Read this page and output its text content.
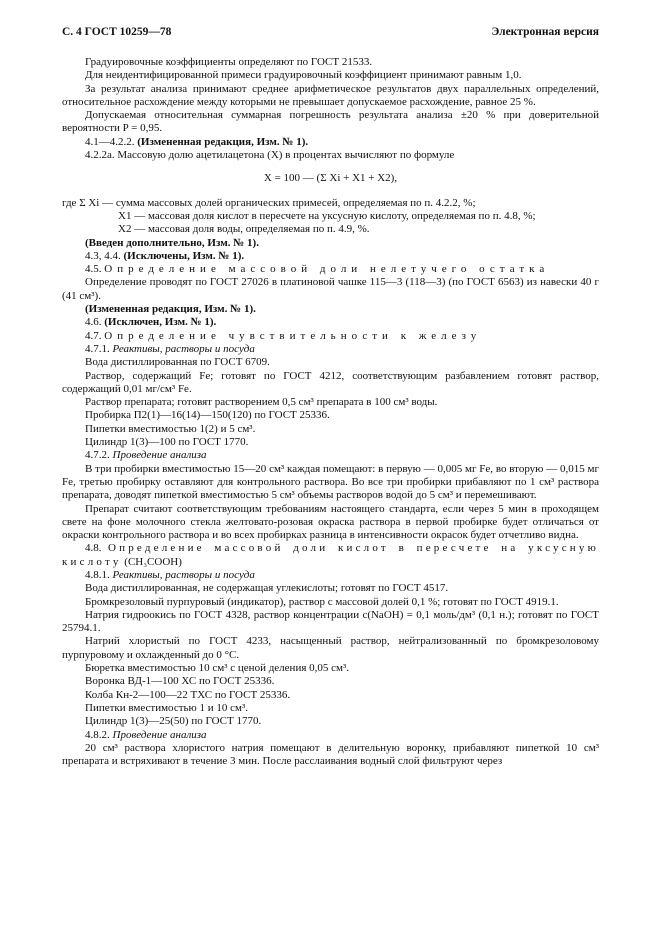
С. 4 ГОСТ 10259—78	Электронная версия

Градуировочные коэффициенты определяют по ГОСТ 21533.

Для неидентифицированной примеси градуировочный коэффициент принимают равным 1,0.

За результат анализа принимают среднее арифметическое результатов двух параллельных определений, относительное расхождение между которыми не превышает допускаемое расхождение, равное 25 %.

Допускаемая относительная суммарная погрешность результата анализа ±20 % при доверительной вероятности P = 0,95.

4.1—4.2.2. (Измененная редакция, Изм. № 1).

4.2.2а. Массовую долю ацетилацетона (X) в процентах вычисляют по формуле

X = 100 — (Σ Xi + X1 + X2),

где Σ Xi — сумма массовых долей органических примесей, определяемая по п. 4.2.2, %;

X1 — массовая доля кислот в пересчете на уксусную кислоту, определяемая по п. 4.8, %;

X2 — массовая доля воды, определяемая по п. 4.9, %.

(Введен дополнительно, Изм. № 1).

4.3, 4.4. (Исключены, Изм. № 1).

4.5. Определение массовой доли нелетучего остатка

Определение проводят по ГОСТ 27026 в платиновой чашке 115—3 (118—3) (по ГОСТ 6563) из навески 40 г (41 см³).

(Измененная редакция, Изм. № 1).

4.6. (Исключен, Изм. № 1).

4.7. Определение чувствительности к железу

4.7.1. Реактивы, растворы и посуда

Вода дистиллированная по ГОСТ 6709.

Раствор, содержащий Fe; готовят по ГОСТ 4212, соответствующим разбавлением готовят раствор, содержащий 0,01 мг/см³ Fe.

Раствор препарата; готовят растворением 0,5 см³ препарата в 100 см³ воды.

Пробирка П2(1)—16(14)—150(120) по ГОСТ 25336.

Пипетки вместимостью 1(2) и 5 см³.

Цилиндр 1(3)—100 по ГОСТ 1770.

4.7.2. Проведение анализа

В три пробирки вместимостью 15—20 см³ каждая помещают: в первую — 0,005 мг Fe, во вторую — 0,015 мг Fe, третью пробирку оставляют для контрольного раствора. Во все три пробирки прибавляют по 1 см³ раствора препарата, доводят пипеткой вместимостью 5 см³ объемы растворов водой до 5 см³ и перемешивают.

Препарат считают соответствующим требованиям настоящего стандарта, если через 5 мин в проходящем свете на фоне молочного стекла желтовато-розовая окраска раствора в первой пробирке будет отличаться от окраски контрольного раствора и во всех пробирках разница в интенсивности окрасок будет отчетливо видна.

4.8. Определение массовой доли кислот в пересчете на уксусную кислоту (CH₃COOH)

4.8.1. Реактивы, растворы и посуда

Вода дистиллированная, не содержащая углекислоты; готовят по ГОСТ 4517.

Бромкрезоловый пурпуровый (индикатор), раствор с массовой долей 0,1 %; готовят по ГОСТ 4919.1.

Натрия гидроокись по ГОСТ 4328, раствор концентрации c(NaOH) = 0,1 моль/дм³ (0,1 н.); готовят по ГОСТ 25794.1.

Натрий хлористый по ГОСТ 4233, насыщенный раствор, нейтрализованный по бромкрезоловому пурпуровому и охлажденный до 0 °С.

Бюретка вместимостью 10 см³ с ценой деления 0,05 см³.

Воронка ВД-1—100 ХС по ГОСТ 25336.

Колба Кн-2—100—22 ТХС по ГОСТ 25336.

Пипетки вместимостью 1 и 10 см³.

Цилиндр 1(3)—25(50) по ГОСТ 1770.

4.8.2. Проведение анализа

20 см³ раствора хлористого натрия помещают в делительную воронку, прибавляют пипеткой 10 см³ препарата и встряхивают в течение 3 мин. После расслаивания водный слой фильтруют через
